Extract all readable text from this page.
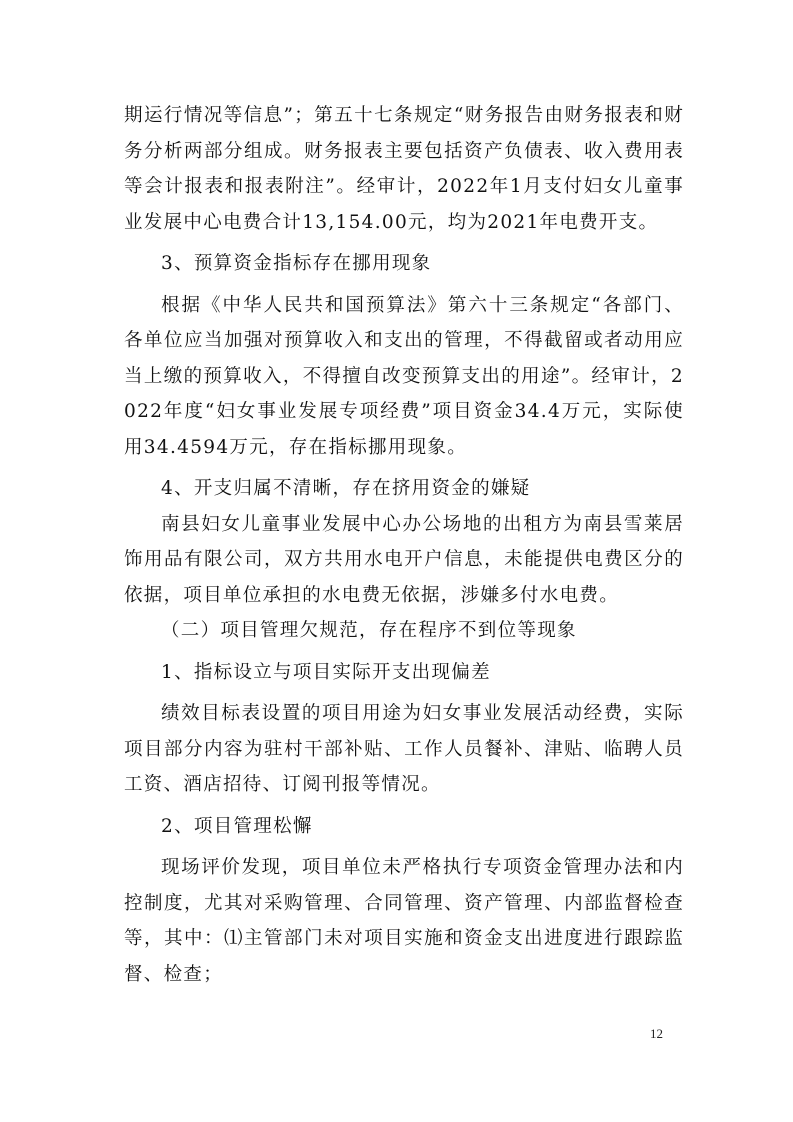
期运行情况等信息”；第五十七条规定“财务报告由财务报表和财务分析两部分组成。财务报表主要包括资产负债表、收入费用表等会计报表和报表附注”。经审计，2022年1月支付妇女儿童事业发展中心电费合计13,154.00元，均为2021年电费开支。

3、预算资金指标存在挪用现象

根据《中华人民共和国预算法》第六十三条规定“各部门、各单位应当加强对预算收入和支出的管理，不得截留或者动用应当上缴的预算收入，不得擅自改变预算支出的用途”。经审计，2022年度“妇女事业发展专项经费”项目资金34.4万元，实际使用34.4594万元，存在指标挪用现象。

4、开支归属不清晰，存在挤用资金的嫌疑

南县妇女儿童事业发展中心办公场地的出租方为南县雪莱居饰用品有限公司，双方共用水电开户信息，未能提供电费区分的依据，项目单位承担的水电费无依据，涉嫌多付水电费。

（二）项目管理欠规范，存在程序不到位等现象

1、指标设立与项目实际开支出现偏差

绩效目标表设置的项目用途为妇女事业发展活动经费，实际项目部分内容为驻村干部补贴、工作人员餐补、津贴、临聘人员工资、酒店招待、订阅刊报等情况。

2、项目管理松懈

现场评价发现，项目单位未严格执行专项资金管理办法和内控制度，尤其对采购管理、合同管理、资产管理、内部监督检查等，其中：⑴主管部门未对项目实施和资金支出进度进行跟踪监督、检查；

12
